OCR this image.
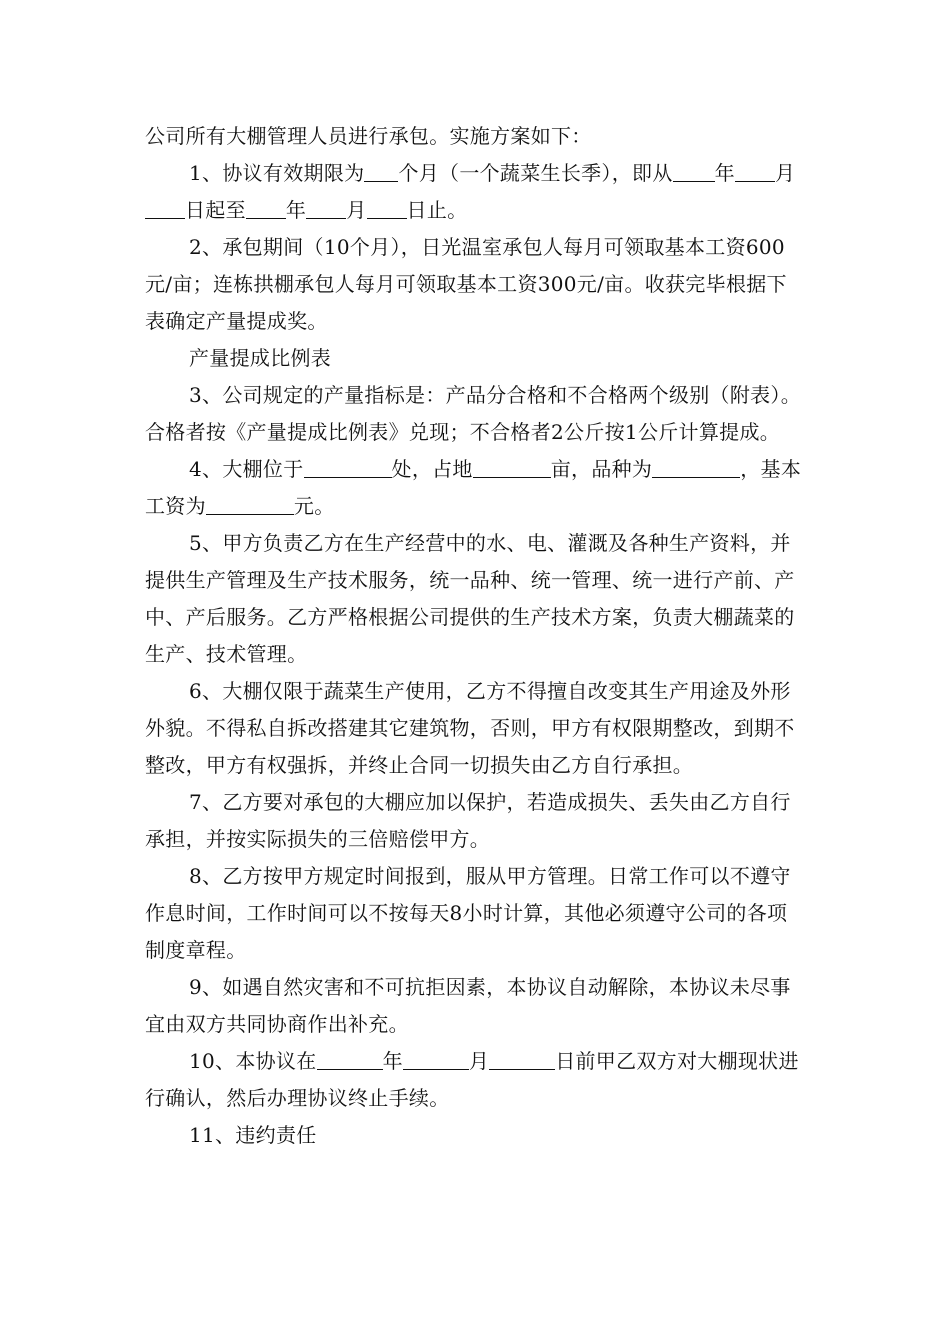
公司所有大棚管理人员进行承包。实施方案如下：

1、协议有效期限为 个月（一个蔬菜生长季），即从 年 月日起至 年 月 日止。

2、承包期间（10个月），日光温室承包人每月可领取基本工资600元/亩；连栋拱棚承包人每月可领取基本工资300元/亩。收获完毕根据下表确定产量提成奖。

产量提成比例表

3、公司规定的产量指标是：产品分合格和不合格两个级别（附表）。合格者按《产量提成比例表》兑现；不合格者2公斤按1公斤计算提成。

4、大棚位于	处，占地	亩，品种为	，基本工资为	元。

5、甲方负责乙方在生产经营中的水、电、灌溉及各种生产资料，并提供生产管理及生产技术服务，统一品种、统一管理、统一进行产前、产中、产后服务。乙方严格根据公司提供的生产技术方案，负责大棚蔬菜的生产、技术管理。

6、大棚仅限于蔬菜生产使用，乙方不得擅自改变其生产用途及外形外貌。不得私自拆改搭建其它建筑物，否则，甲方有权限期整改，到期不整改，甲方有权强拆，并终止合同一切损失由乙方自行承担。

7、乙方要对承包的大棚应加以保护，若造成损失、丢失由乙方自行承担，并按实际损失的三倍赔偿甲方。

8、乙方按甲方规定时间报到，服从甲方管理。日常工作可以不遵守作息时间，工作时间可以不按每天8小时计算，其他必须遵守公司的各项制度章程。

9、如遇自然灾害和不可抗拒因素，本协议自动解除，本协议未尽事宜由双方共同协商作出补充。

10、本协议在	年	月	日前甲乙双方对大棚现状进行确认，然后办理协议终止手续。

11、违约责任
